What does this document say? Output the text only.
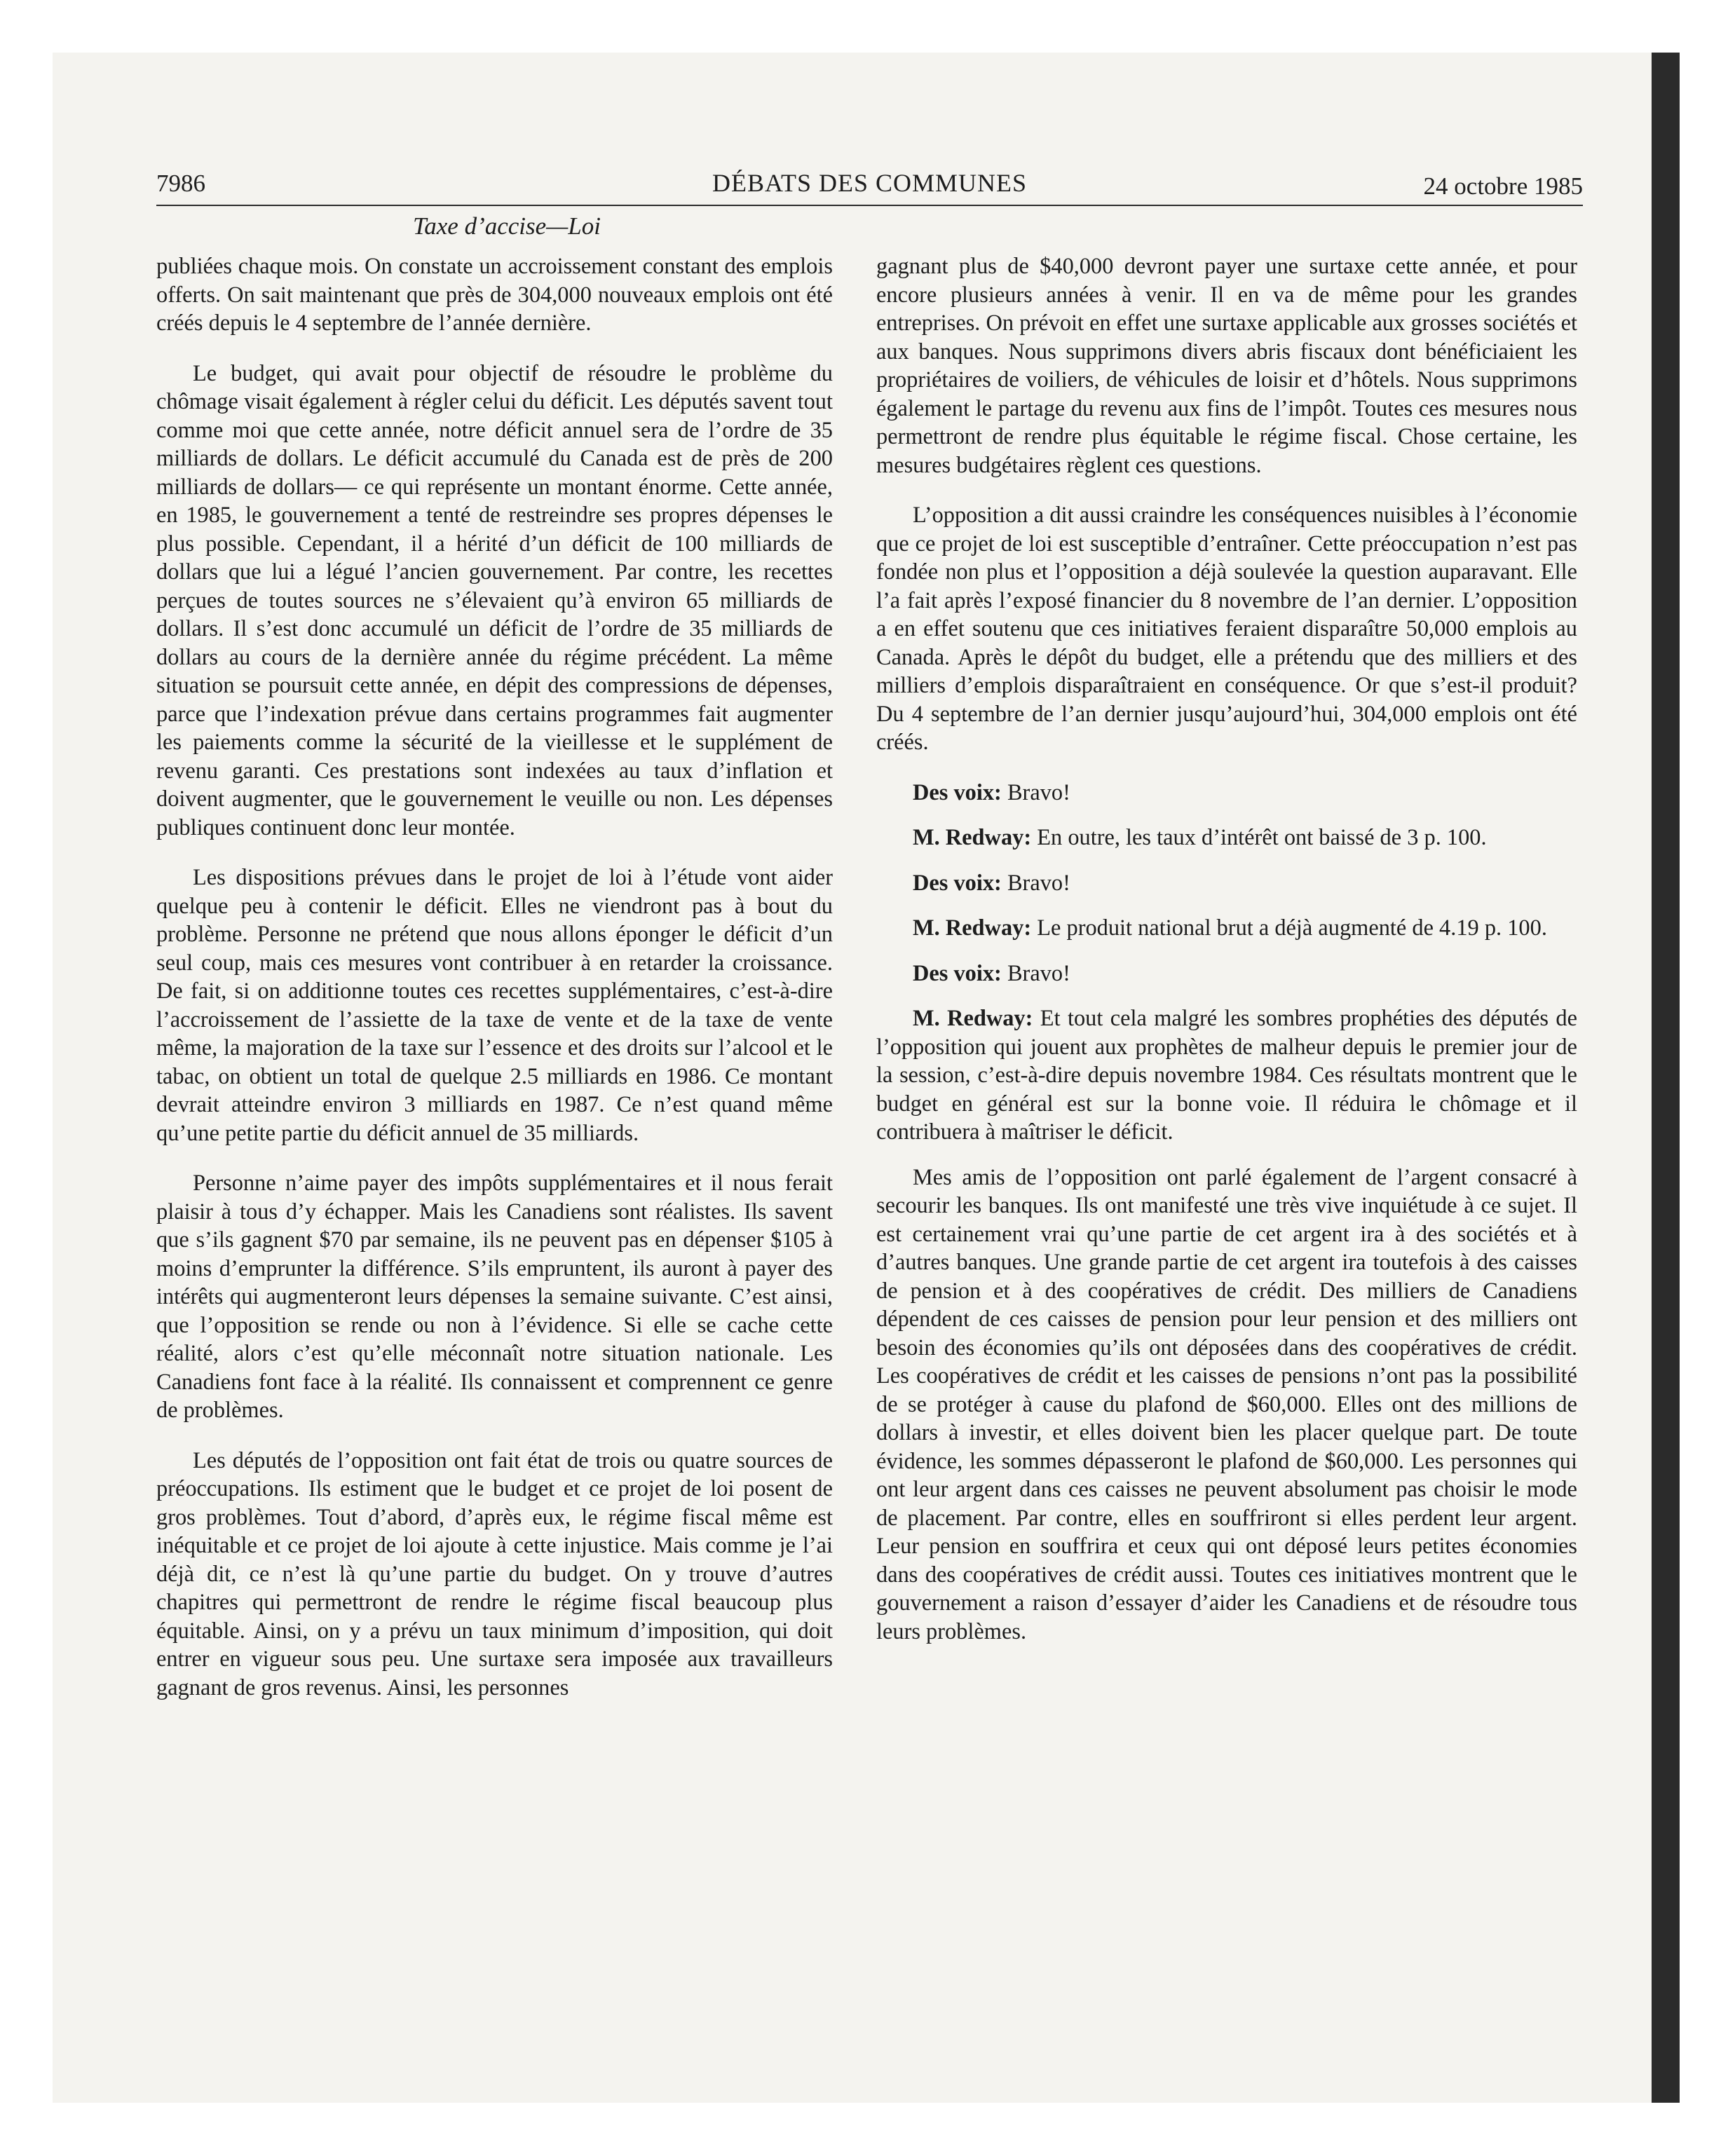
7986	DÉBATS DES COMMUNES	24 octobre 1985
Taxe d’accise—Loi

publiées chaque mois. On constate un accroissement constant des emplois offerts. On sait maintenant que près de 304,000 nouveaux emplois ont été créés depuis le 4 septembre de l’année dernière.

Le budget, qui avait pour objectif de résoudre le problème du chômage visait également à régler celui du déficit. Les députés savent tout comme moi que cette année, notre déficit annuel sera de l’ordre de 35 milliards de dollars. Le déficit accumulé du Canada est de près de 200 milliards de dollars— ce qui représente un montant énorme. Cette année, en 1985, le gouvernement a tenté de restreindre ses propres dépenses le plus possible. Cependant, il a hérité d’un déficit de 100 milliards de dollars que lui a légué l’ancien gouvernement. Par contre, les recettes perçues de toutes sources ne s’élevaient qu’à environ 65 milliards de dollars. Il s’est donc accumulé un déficit de l’ordre de 35 milliards de dollars au cours de la dernière année du régime précédent. La même situation se poursuit cette année, en dépit des compressions de dépenses, parce que l’indexation prévue dans certains programmes fait augmenter les paiements comme la sécurité de la vieillesse et le supplément de revenu garanti. Ces prestations sont indexées au taux d’inflation et doivent augmenter, que le gouvernement le veuille ou non. Les dépenses publiques continuent donc leur montée.

Les dispositions prévues dans le projet de loi à l’étude vont aider quelque peu à contenir le déficit. Elles ne viendront pas à bout du problème. Personne ne prétend que nous allons éponger le déficit d’un seul coup, mais ces mesures vont contribuer à en retarder la croissance. De fait, si on additionne toutes ces recettes supplémentaires, c’est-à-dire l’accroissement de l’assiette de la taxe de vente et de la taxe de vente même, la majoration de la taxe sur l’essence et des droits sur l’alcool et le tabac, on obtient un total de quelque 2.5 milliards en 1986. Ce montant devrait atteindre environ 3 milliards en 1987. Ce n’est quand même qu’une petite partie du déficit annuel de 35 milliards.

Personne n’aime payer des impôts supplémentaires et il nous ferait plaisir à tous d’y échapper. Mais les Canadiens sont réalistes. Ils savent que s’ils gagnent $70 par semaine, ils ne peuvent pas en dépenser $105 à moins d’emprunter la différence. S’ils empruntent, ils auront à payer des intérêts qui augmenteront leurs dépenses la semaine suivante. C’est ainsi, que l’opposition se rende ou non à l’évidence. Si elle se cache cette réalité, alors c’est qu’elle méconnaît notre situation nationale. Les Canadiens font face à la réalité. Ils connaissent et comprennent ce genre de problèmes.

Les députés de l’opposition ont fait état de trois ou quatre sources de préoccupations. Ils estiment que le budget et ce projet de loi posent de gros problèmes. Tout d’abord, d’après eux, le régime fiscal même est inéquitable et ce projet de loi ajoute à cette injustice. Mais comme je l’ai déjà dit, ce n’est là qu’une partie du budget. On y trouve d’autres chapitres qui permettront de rendre le régime fiscal beaucoup plus équitable. Ainsi, on y a prévu un taux minimum d’imposition, qui doit entrer en vigueur sous peu. Une surtaxe sera imposée aux travailleurs gagnant de gros revenus. Ainsi, les personnes

gagnant plus de $40,000 devront payer une surtaxe cette année, et pour encore plusieurs années à venir. Il en va de même pour les grandes entreprises. On prévoit en effet une surtaxe applicable aux grosses sociétés et aux banques. Nous supprimons divers abris fiscaux dont bénéficiaient les propriétaires de voiliers, de véhicules de loisir et d’hôtels. Nous supprimons également le partage du revenu aux fins de l’impôt. Toutes ces mesures nous permettront de rendre plus équitable le régime fiscal. Chose certaine, les mesures budgétaires règlent ces questions.

L’opposition a dit aussi craindre les conséquences nuisibles à l’économie que ce projet de loi est susceptible d’entraîner. Cette préoccupation n’est pas fondée non plus et l’opposition a déjà soulevée la question auparavant. Elle l’a fait après l’exposé financier du 8 novembre de l’an dernier. L’opposition a en effet soutenu que ces initiatives feraient disparaître 50,000 emplois au Canada. Après le dépôt du budget, elle a prétendu que des milliers et des milliers d’emplois disparaîtraient en conséquence. Or que s’est-il produit? Du 4 septembre de l’an dernier jusqu’aujourd’hui, 304,000 emplois ont été créés.

Des voix: Bravo!

M. Redway: En outre, les taux d’intérêt ont baissé de 3 p. 100.

Des voix: Bravo!

M. Redway: Le produit national brut a déjà augmenté de 4.19 p. 100.

Des voix: Bravo!

M. Redway: Et tout cela malgré les sombres prophéties des députés de l’opposition qui jouent aux prophètes de malheur depuis le premier jour de la session, c’est-à-dire depuis novembre 1984. Ces résultats montrent que le budget en général est sur la bonne voie. Il réduira le chômage et il contribuera à maîtriser le déficit.

Mes amis de l’opposition ont parlé également de l’argent consacré à secourir les banques. Ils ont manifesté une très vive inquiétude à ce sujet. Il est certainement vrai qu’une partie de cet argent ira à des sociétés et à d’autres banques. Une grande partie de cet argent ira toutefois à des caisses de pension et à des coopératives de crédit. Des milliers de Canadiens dépendent de ces caisses de pension pour leur pension et des milliers ont besoin des économies qu’ils ont déposées dans des coopératives de crédit. Les coopératives de crédit et les caisses de pensions n’ont pas la possibilité de se protéger à cause du plafond de $60,000. Elles ont des millions de dollars à investir, et elles doivent bien les placer quelque part. De toute évidence, les sommes dépasseront le plafond de $60,000. Les personnes qui ont leur argent dans ces caisses ne peuvent absolument pas choisir le mode de placement. Par contre, elles en souffriront si elles perdent leur argent. Leur pension en souffrira et ceux qui ont déposé leurs petites économies dans des coopératives de crédit aussi. Toutes ces initiatives montrent que le gouvernement a raison d’essayer d’aider les Canadiens et de résoudre tous leurs problèmes.
